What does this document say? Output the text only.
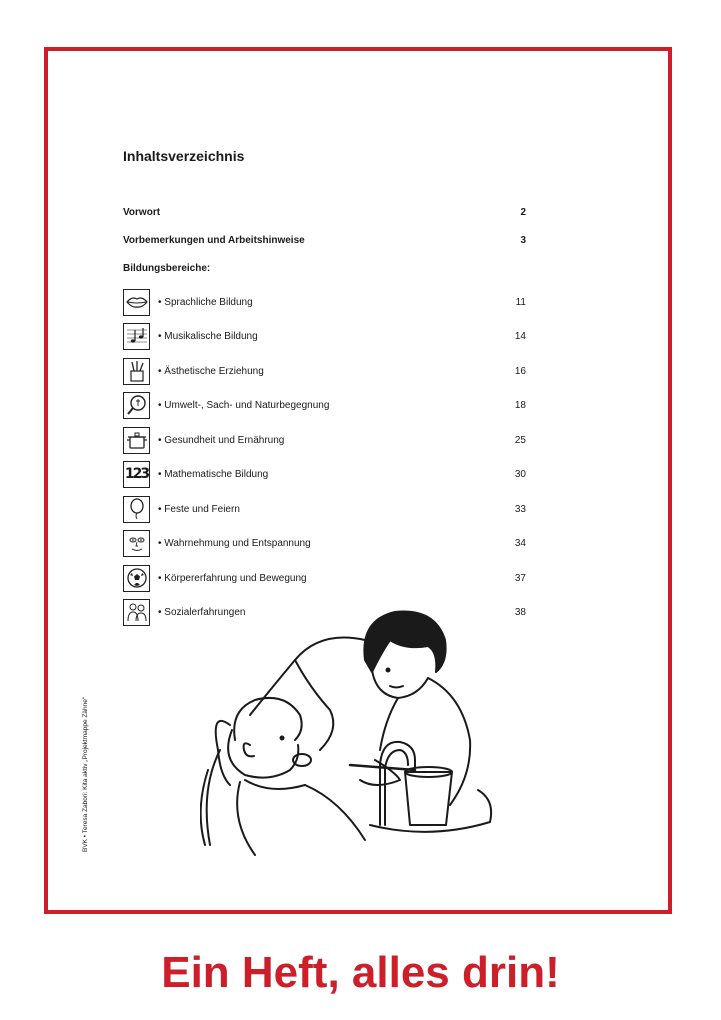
Inhaltsverzeichnis
Vorwort	2
Vorbemerkungen und Arbeitshinweise	3
Bildungsbereiche:
• Sprachliche Bildung	11
• Musikalische Bildung	14
• Ästhetische Erziehung	16
• Umwelt-, Sach- und Naturbegegnung	18
• Gesundheit und Ernährung	25
123	• Mathematische Bildung	30
• Feste und Feiern	33
• Wahrnehmung und Entspannung	34
• Körpererfahrung und Bewegung	37
• Sozialerfahrungen	38
BVK • Teresa Zabori: Kita aktiv „Projektmappe Zähne“
Ein Heft, alles drin!
